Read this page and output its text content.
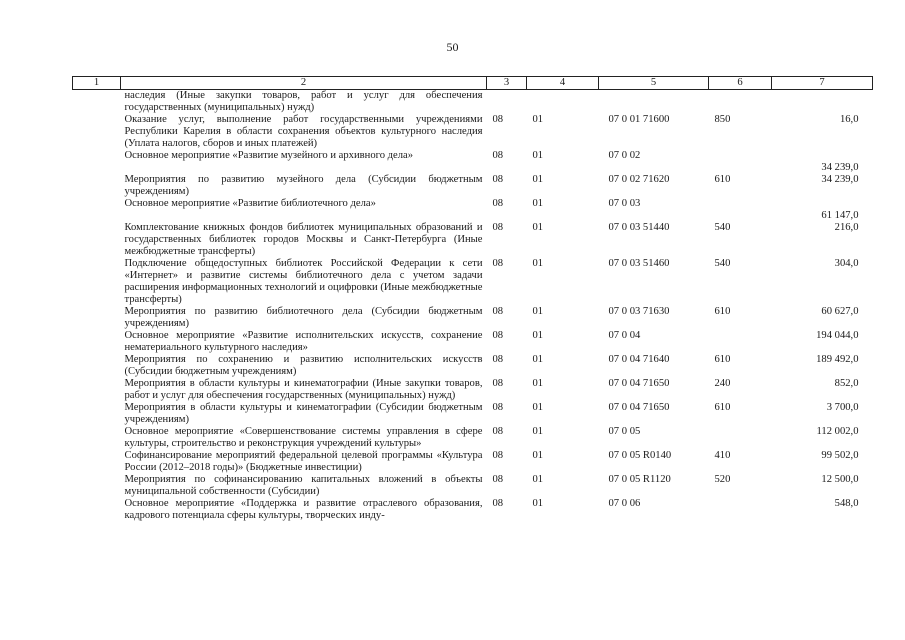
50
1	2	3	4	5	6	7
наследия (Иные закупки товаров, работ и услуг для обеспечения государственных (муниципальных) нужд)						
Оказание услуг, выполнение работ государственными учреждениями Республики Карелия в области сохранения объектов культурного наследия (Уплата налогов, сборов и иных платежей)		08	01	07 0 01 71600	850	16,0
Основное мероприятие «Развитие музейного и архивного дела»		08	01	07 0 02		34 239,0
Мероприятия по развитию музейного дела (Субсидии бюджетным учреждениям)		08	01	07 0 02 71620	610	34 239,0
Основное мероприятие «Развитие библиотечного дела»		08	01	07 0 03		61 147,0
Комплектование книжных фондов библиотек муниципальных образований и государственных библиотек городов Москвы и Санкт-Петербурга (Иные межбюджетные трансферты)		08	01	07 0 03 51440	540	216,0
Подключение общедоступных библиотек Российской Федерации к сети «Интернет» и развитие системы библиотечного дела с учетом задачи расширения информационных технологий и оцифровки (Иные межбюджетные трансферты)		08	01	07 0 03 51460	540	304,0
Мероприятия по развитию библиотечного дела (Субсидии бюджетным учреждениям)		08	01	07 0 03 71630	610	60 627,0
Основное мероприятие «Развитие исполнительских искусств, сохранение нематериального культурного наследия»		08	01	07 0 04		194 044,0
Мероприятия по сохранению и развитию исполнительских искусств (Субсидии бюджетным учреждениям)		08	01	07 0 04 71640	610	189 492,0
Мероприятия в области культуры и кинематографии (Иные закупки товаров, работ и услуг для обеспечения государственных (муниципальных) нужд)		08	01	07 0 04 71650	240	852,0
Мероприятия в области культуры и кинематографии (Субсидии бюджетным учреждениям)		08	01	07 0 04 71650	610	3 700,0
Основное мероприятие «Совершенствование системы управления в сфере культуры, строительство и реконструкция учреждений культуры»		08	01	07 0 05		112 002,0
Софинансирование мероприятий федеральной целевой программы «Культура России (2012–2018 годы)» (Бюджетные инвестиции)		08	01	07 0 05 R0140	410	99 502,0
Мероприятия по софинансированию капитальных вложений в объекты муниципальной собственности (Субсидии)		08	01	07 0 05 R1120	520	12 500,0
Основное мероприятие «Поддержка и развитие отраслевого образования, кадрового потенциала сферы культуры, творческих инду-		08	01	07 0 06		548,0
